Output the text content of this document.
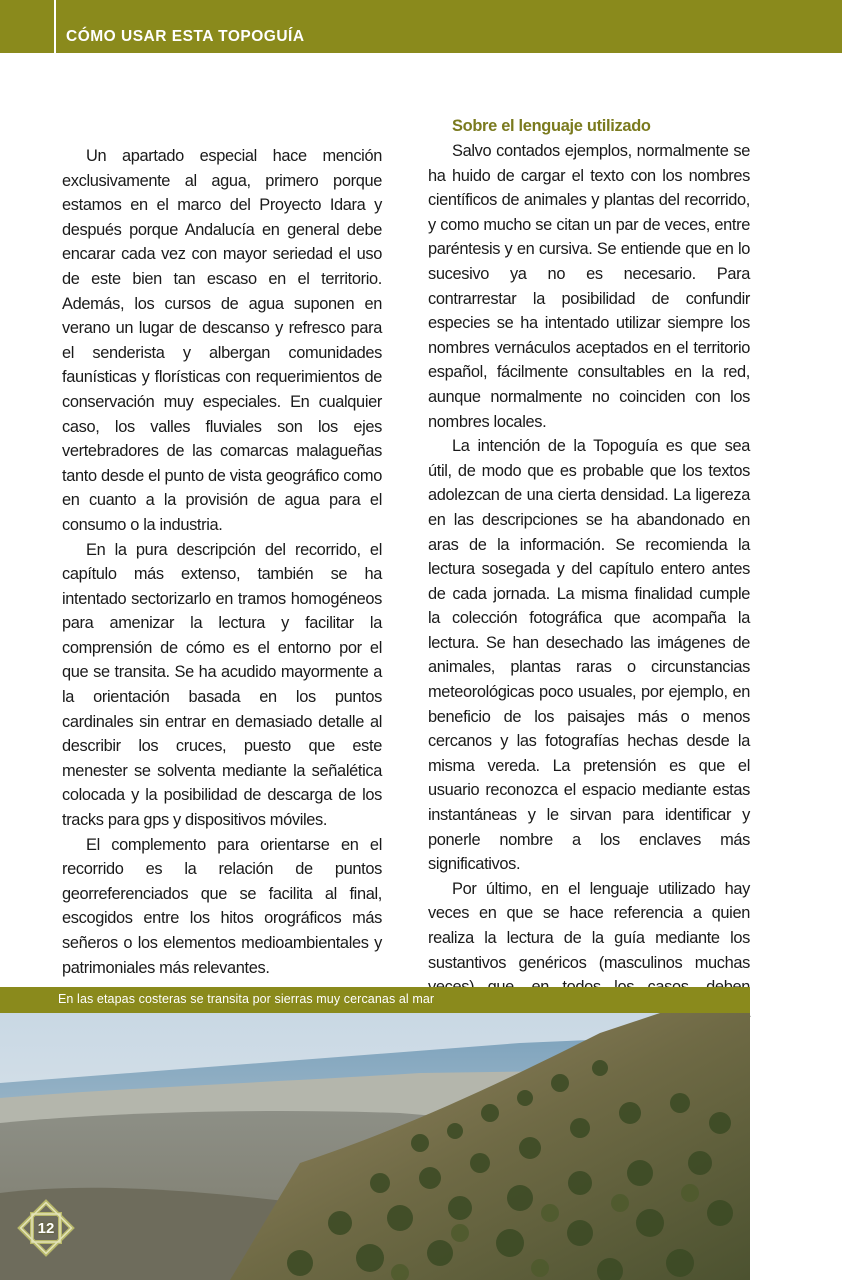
CÓMO USAR ESTA TOPOGUÍA

Un apartado especial hace mención exclusivamente al agua, primero porque estamos en el marco del Proyecto Idara y después porque Andalucía en general debe encarar cada vez con mayor seriedad el uso de este bien tan escaso en el territorio. Además, los cursos de agua suponen en verano un lugar de descanso y refresco para el senderista y albergan comunidades faunísticas y florísticas con requerimientos de conservación muy especiales. En cualquier caso, los valles fluviales son los ejes vertebradores de las comarcas malagueñas tanto desde el punto de vista geográfico como en cuanto a la provisión de agua para el consumo o la industria.

En la pura descripción del recorrido, el capítulo más extenso, también se ha intentado sectorizarlo en tramos homogéneos para amenizar la lectura y facilitar la comprensión de cómo es el entorno por el que se transita. Se ha acudido mayormente a la orientación basada en los puntos cardinales sin entrar en demasiado detalle al describir los cruces, puesto que este menester se solventa mediante la señalética colocada y la posibilidad de descarga de los tracks para gps y dispositivos móviles.

El complemento para orientarse en el recorrido es la relación de puntos georreferenciados que se facilita al final, escogidos entre los hitos orográficos más señeros o los elementos medioambientales y patrimoniales más relevantes.

Sobre el lenguaje utilizado

Salvo contados ejemplos, normalmente se ha huido de cargar el texto con los nombres científicos de animales y plantas del recorrido, y como mucho se citan un par de veces, entre paréntesis y en cursiva. Se entiende que en lo sucesivo ya no es necesario. Para contrarrestar la posibilidad de confundir especies se ha intentado utilizar siempre los nombres vernáculos aceptados en el territorio español, fácilmente consultables en la red, aunque normalmente no coinciden con los nombres locales.

La intención de la Topoguía es que sea útil, de modo que es probable que los textos adolezcan de una cierta densidad. La ligereza en las descripciones se ha abandonado en aras de la información. Se recomienda la lectura sosegada y del capítulo entero antes de cada jornada. La misma finalidad cumple la colección fotográfica que acompaña la lectura. Se han desechado las imágenes de animales, plantas raras o circunstancias meteorológicas poco usuales, por ejemplo, en beneficio de los paisajes más o menos cercanos y las fotografías hechas desde la misma vereda. La pretensión es que el usuario reconozca el espacio mediante estas instantáneas y le sirvan para identificar y ponerle nombre a los enclaves más significativos.

Por último, en el lenguaje utilizado hay veces en que se hace referencia a quien realiza la lectura de la guía mediante los sustantivos genéricos (masculinos muchas

En las etapas costeras se transita por sierras muy cercanas al mar
12
